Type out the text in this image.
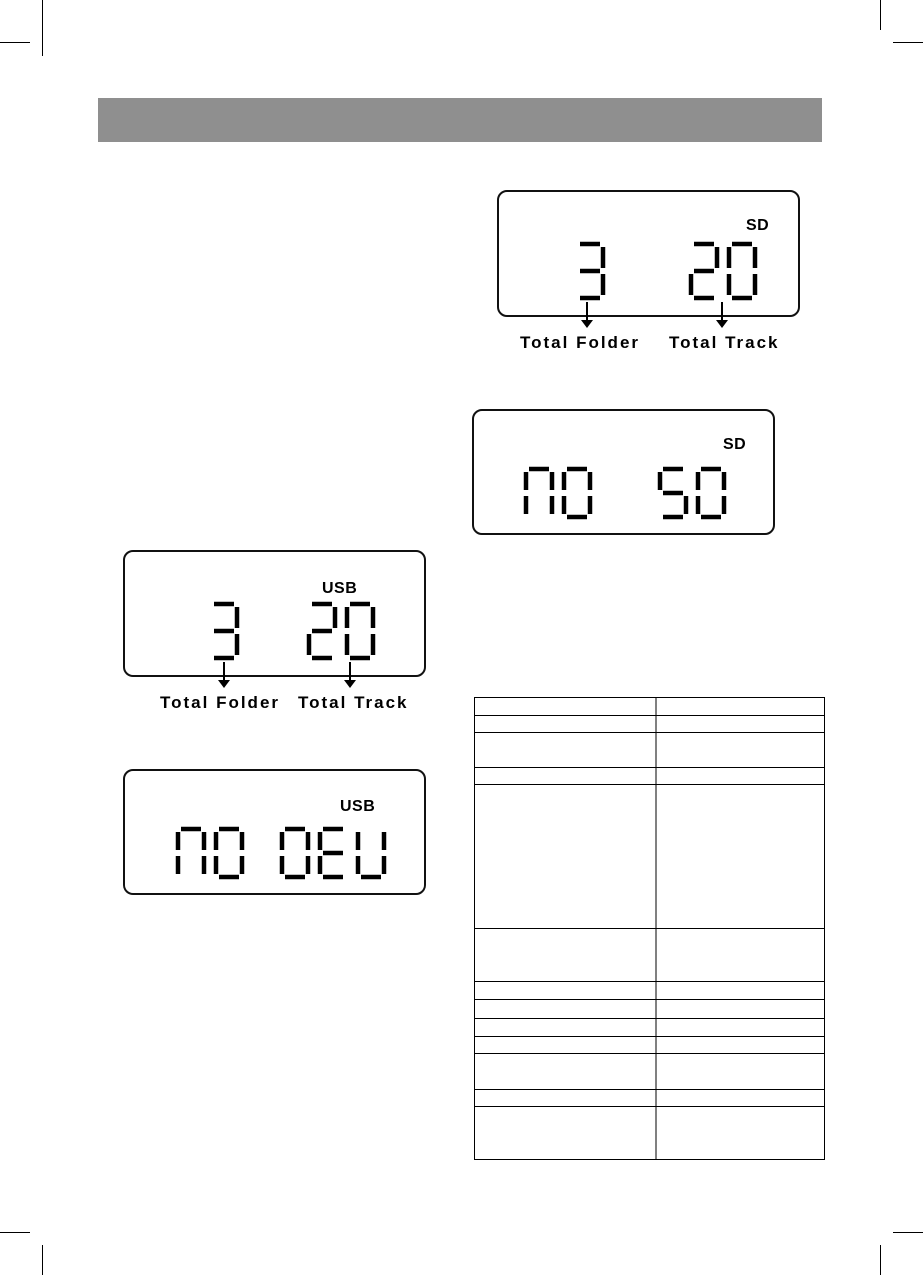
SD
Total Folder Total Track
SD
USB
Total Folder Total Track
USB
